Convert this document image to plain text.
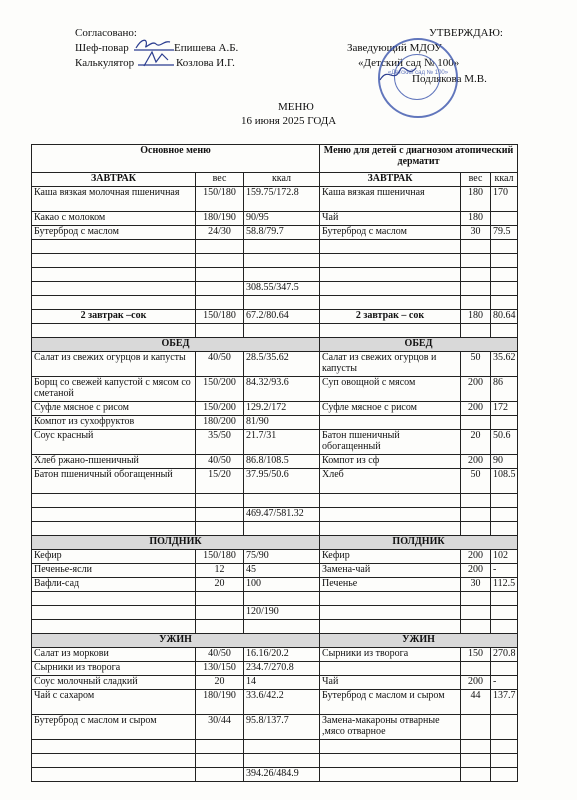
Согласовано:
Шеф-повар	Епишева А.Б.
Калькулятор	Козлова И.Г.
УТВЕРЖДАЮ:
Заведующий МДОУ
«Детский сад № 100»
Подлякова М.В.
«Детский сад № 100»
МЕНЮ
16 июня 2025 ГОДА
Основное меню			Меню для детей с диагнозом атопический дерматит		
ЗАВТРАК	вес	ккал	ЗАВТРАК	вес	ккал
Каша вязкая молочная пшеничная	150/180	159.75/172.8	Каша вязкая пшеничная	180	170
Какао с молоком	180/190	90/95	Чай	180	
Бутерброд с маслом	24/30	58.8/79.7	Бутерброд с маслом	30	79.5

		308.55/347.5			

2 завтрак –сок	150/180	67.2/80.64	2 завтрак – сок	180	80.64

ОБЕД			ОБЕД		
Салат из свежих огурцов и капусты	40/50	28.5/35.62	Салат из свежих огурцов и капусты	50	35.62
Борщ со свежей капустой с мясом со сметаной	150/200	84.32/93.6	Суп овощной с мясом	200	86
Суфле мясное с рисом	150/200	129.2/172	Суфле мясное с рисом	200	172
Компот из сухофруктов	180/200	81/90			
Соус красный	35/50	21.7/31	Батон пшеничный обогащенный	20	50.6
Хлеб ржано-пшеничный	40/50	86.8/108.5	Компот из сф	200	90
Батон пшеничный обогащенный	15/20	37.95/50.6	Хлеб	50	108.5

		469.47/581.32			

ПОЛДНИК			ПОЛДНИК		
Кефир	150/180	75/90	Кефир	200	102
Печенье-ясли	12	45	Замена-чай	200	-
Вафли-сад	20	100	Печенье	30	112.5

		120/190			

УЖИН			УЖИН		
Салат из моркови	40/50	16.16/20.2	Сырники из творога	150	270.8
Сырники из творога	130/150	234.7/270.8			
Соус молочный сладкий	20	14	Чай	200	-
Чай с сахаром	180/190	33.6/42.2	Бутерброд с маслом и сыром	44	137.7
Бутерброд с маслом и сыром	30/44	95.8/137.7	Замена-макароны отварные ,мясо отварное		

		394.26/484.9			
